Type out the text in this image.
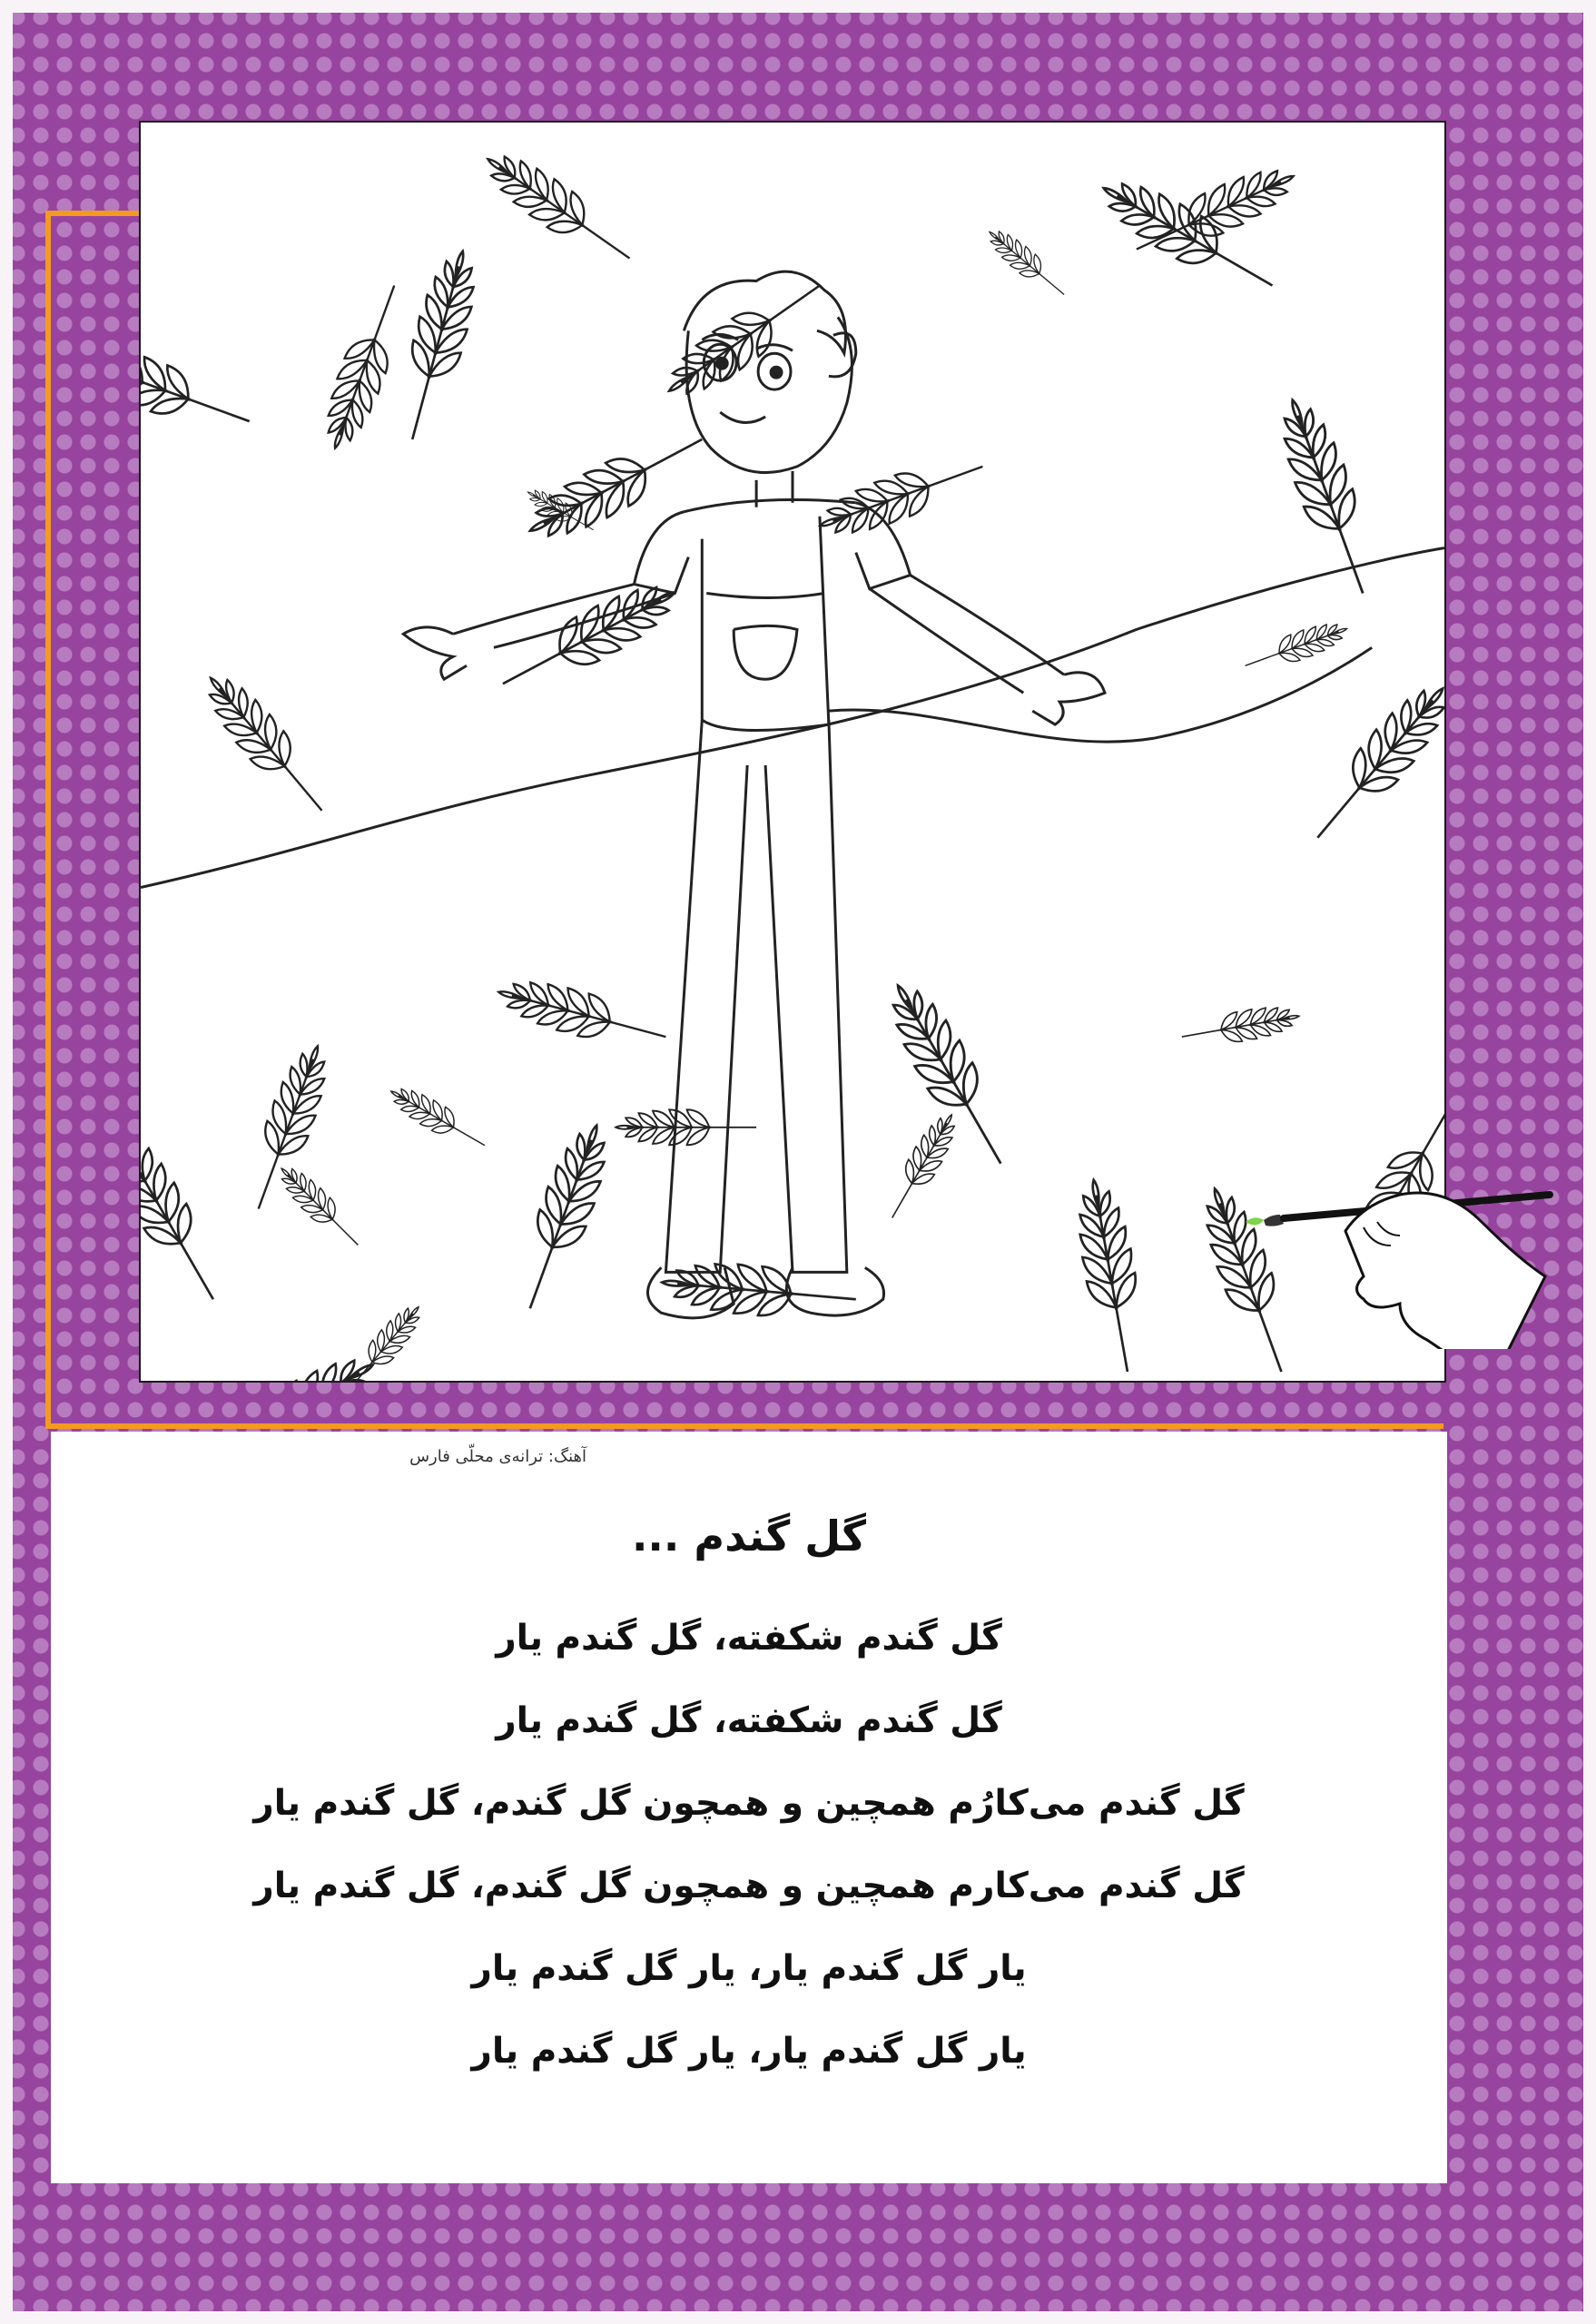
آهنگ: ترانه‌ی محلّی فارس
گل گندم ...
گل گندم شکفته، گل گندم یار
گل گندم شکفته، گل گندم یار
گل گندم می‌کارُم همچین و همچون گل گندم، گل گندم یار
گل گندم می‌کارم همچین و همچون گل گندم، گل گندم یار
یار گل گندم یار، یار گل گندم یار
یار گل گندم یار، یار گل گندم یار
